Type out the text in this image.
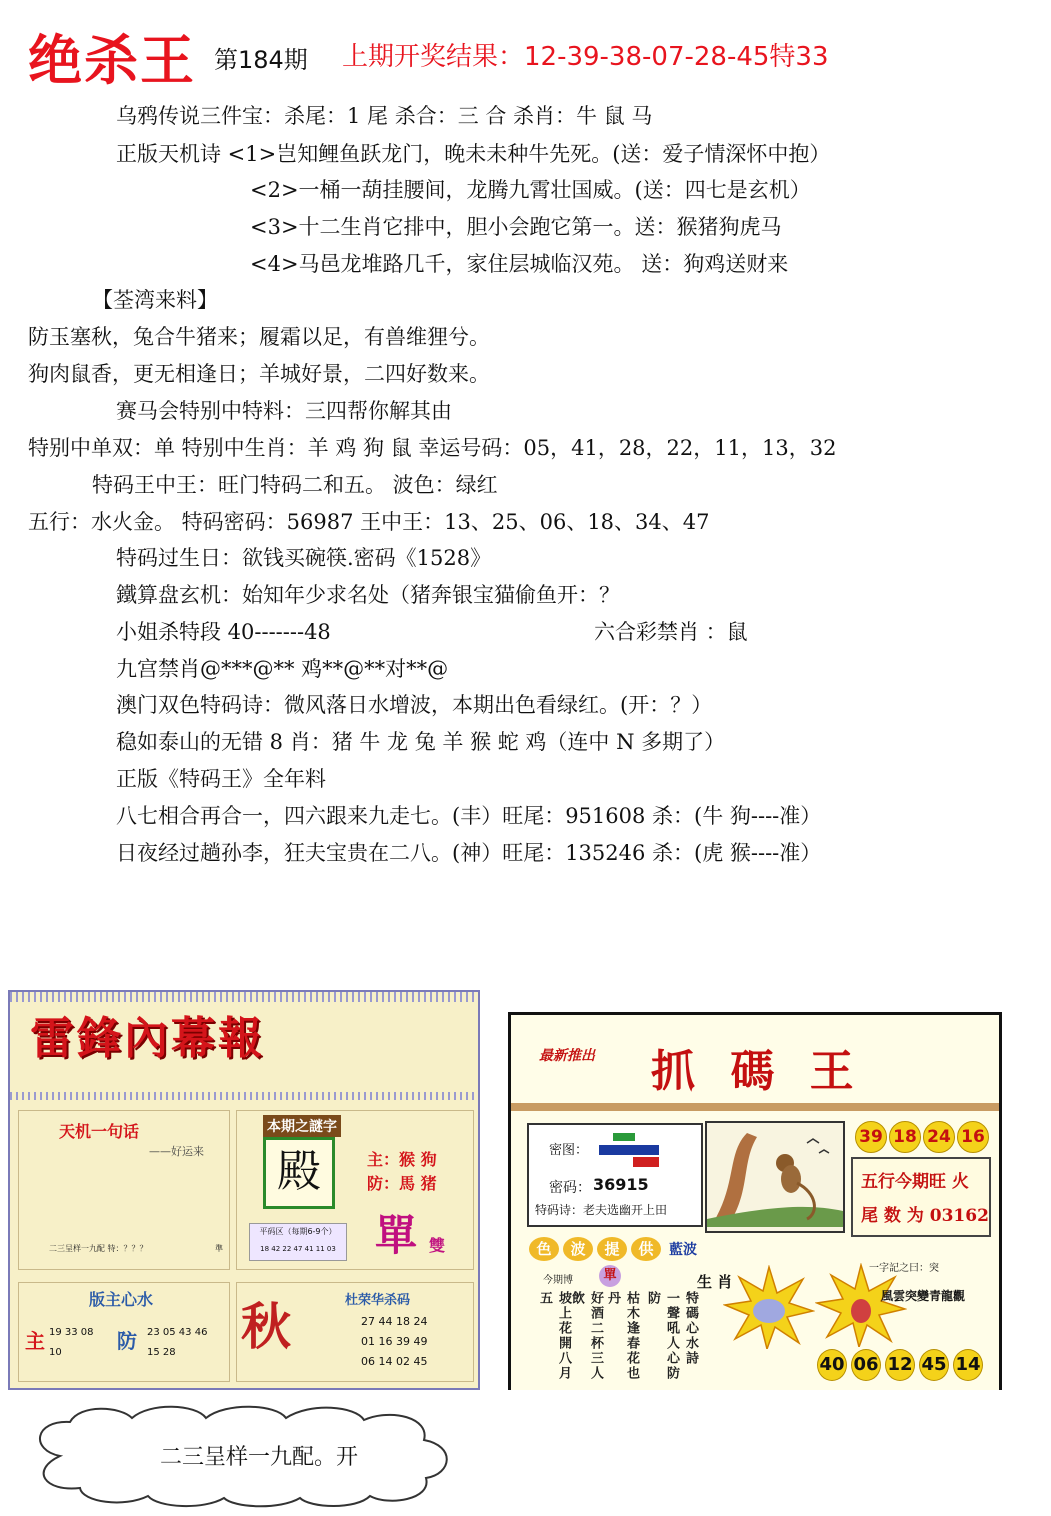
绝杀王 第184期 上期开奖结果：12-39-38-07-28-45特33
乌鸦传说三件宝：杀尾：1 尾 杀合：三 合 杀肖：牛 鼠 马
正版天机诗 <1>岂知鲤鱼跃龙门，晚未未种牛先死。(送：爱子情深怀中抱）
<2>一桶一葫挂腰间，龙腾九霄壮国威。(送：四七是玄机）
<3>十二生肖它排中，胆小会跑它第一。送：猴猪狗虎马
<4>马邑龙堆路几千，家住层城临汉苑。 送：狗鸡送财来
【荃湾来料】
防玉塞秋，兔合牛猪来；履霜以足，有兽维狸兮。
狗肉鼠香，更无相逢日；羊城好景，二四好数来。
赛马会特别中特料：三四帮你解其由
特别中单双：单 特别中生肖：羊 鸡 狗 鼠 幸运号码：05，41，28，22，11，13，32
特码王中王：旺门特码二和五。 波色：绿红
五行：水火金。 特码密码：56987 王中王：13、25、06、18、34、47
特码过生日：欲钱买碗筷.密码《1528》
鐵算盘玄机：始知年少求名处（猪奔银宝猫偷鱼开：？
小姐杀特段 40-------48	六合彩禁肖 ：鼠
九宫禁肖@***@** 鸡**@**对**@
澳门双色特码诗：微风落日水增波，本期出色看绿红。(开：？）
稳如泰山的无错 8 肖：猪 牛 龙 兔 羊 猴 蛇 鸡（连中 N 多期了）
正版《特码王》全年料
八七相合再合一，四六跟来九走七。(丰）旺尾：951608 杀：(牛 狗----准）
日夜经过趟孙李，狂夫宝贵在二八。(神）旺尾：135246 杀：(虎 猴----准）
雷鋒內幕報
天机一句话
——好运来
二三呈样一九配 特：？？？	準
本期之謎字
殿	主：猴 狗
防：馬 猪
平码区（每期6-9个）
18 42 22 47 41 11 03 單 雙
版主心水
主 19 33 08 10	防 23 05 43 46 15 28	秋	杜荣华杀码
27 44 18 24
01 16 39 49
06 14 02 45
二三呈样一九配。开
最新推出 抓 碼 王
密图：
密码： 36915
特码诗：老夫选幽开上田
39 18 24 16
五行今期旺 火
尾 数 为 03162
色	波	提	供	藍波
今期博	單
坡上花開八月五	好酒二杯三人飲	枯木逢春花也丹	一聲吼人心防防	特碼心水詩
生 肖
一字記之曰：突
風雲突變青龍觀
40 06 12 45 14
